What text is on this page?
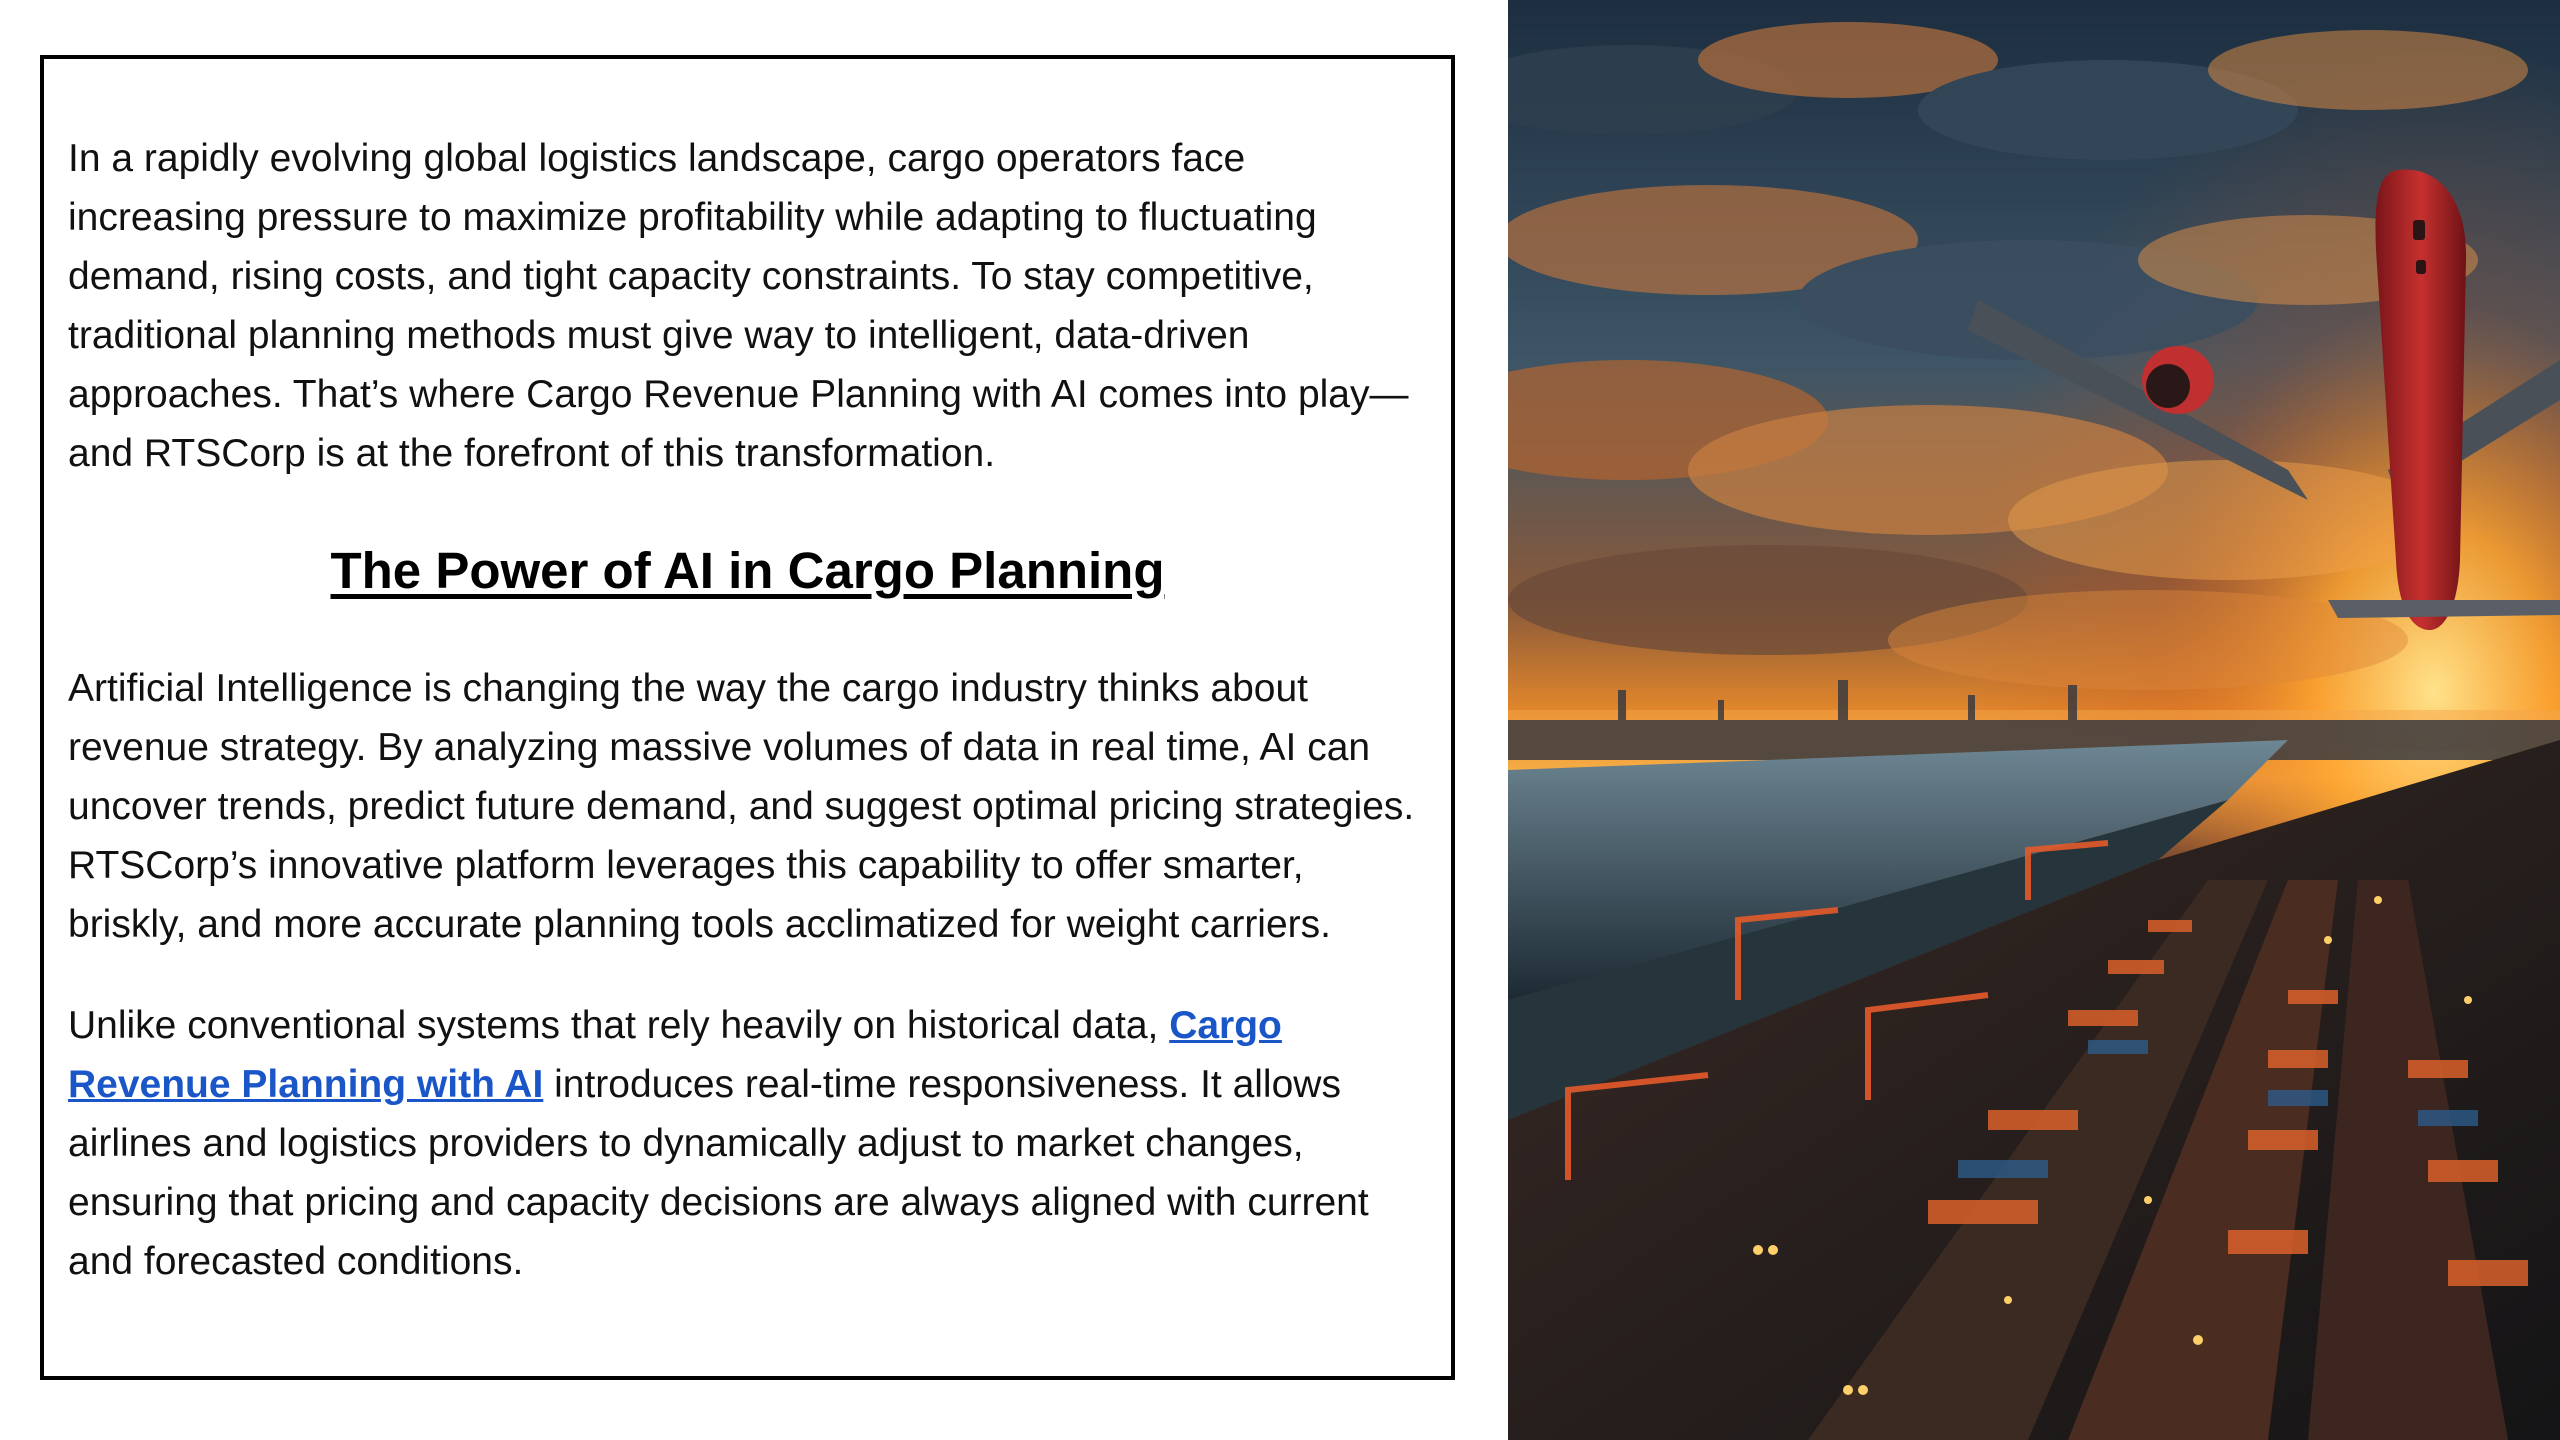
In a rapidly evolving global logistics landscape, cargo operators face increasing pressure to maximize profitability while adapting to fluctuating demand, rising costs, and tight capacity constraints. To stay competitive, traditional planning methods must give way to intelligent, data-driven approaches. That’s where Cargo Revenue Planning with AI comes into play—and RTSCorp is at the forefront of this transformation.

The Power of AI in Cargo Planning

Artificial Intelligence is changing the way the cargo industry thinks about revenue strategy. By analyzing massive volumes of data in real time, AI can uncover trends, predict future demand, and suggest optimal pricing strategies. RTSCorp’s innovative platform leverages this capability to offer smarter, briskly, and more accurate planning tools acclimatized for weight carriers.

Unlike conventional systems that rely heavily on historical data, Cargo Revenue Planning with AI introduces real-time responsiveness. It allows airlines and logistics providers to dynamically adjust to market changes, ensuring that pricing and capacity decisions are always aligned with current and forecasted conditions.
